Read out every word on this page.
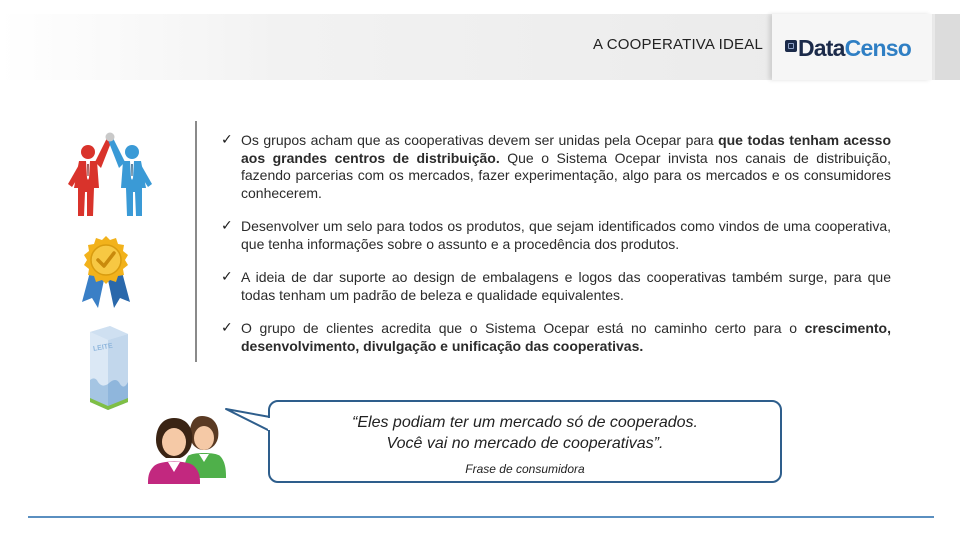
A COOPERATIVA IDEAL	DataCenso
LEITE
✓ Os grupos acham que as cooperativas devem ser unidas pela Ocepar para que todas tenham acesso aos grandes centros de distribuição. Que o Sistema Ocepar invista nos canais de distribuição, fazendo parcerias com os mercados, fazer experimentação, algo para os mercados e os consumidores conhecerem.
✓ Desenvolver um selo para todos os produtos, que sejam identificados como vindos de uma cooperativa, que tenha informações sobre o assunto e a procedência dos produtos.
✓ A ideia de dar suporte ao design de embalagens e logos das cooperativas também surge, para que todas tenham um padrão de beleza e qualidade equivalentes.
✓ O grupo de clientes acredita que o Sistema Ocepar está no caminho certo para o crescimento, desenvolvimento, divulgação e unificação das cooperativas.
“Eles podiam ter um mercado só de cooperados.
Você vai no mercado de cooperativas”.
Frase de consumidora
